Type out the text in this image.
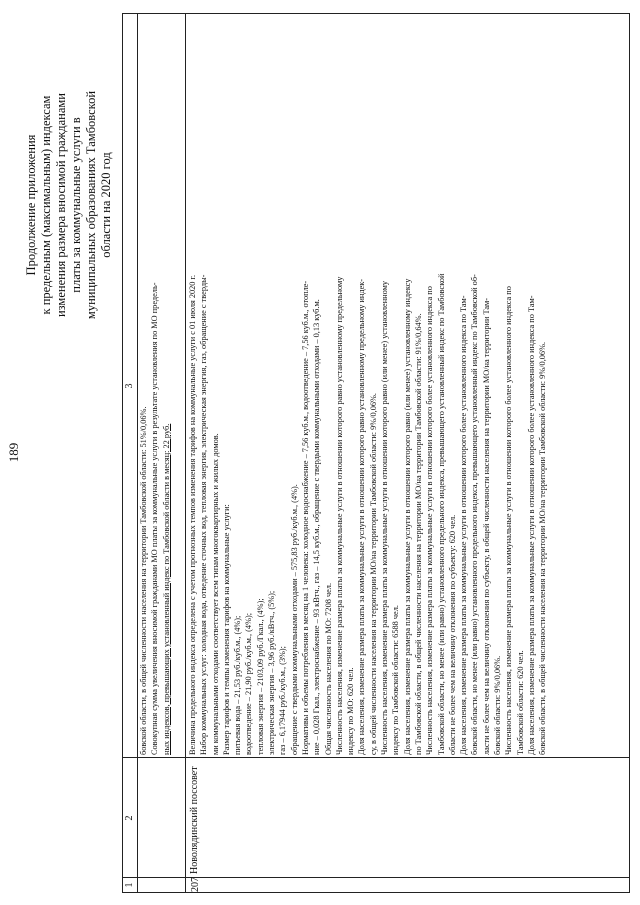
189
Продолжение приложения к предельным (максимальным) индексам изменения размера вносимой гражданами платы за коммунальные услуги в муниципальных образованиях Тамбовской области на 2020 год
1
2
3
бовской области, в общей численности населения на территории Тамбовской области: 51%/0,06%. Совокупная сумма увеличения вносимой гражданами МО платы за коммунальные услуги в результате установления по МО предель- ных индексов, превышающих установленный индекс по Тамбовской области в месяц: 22 руб.
207
Новолядинский поссовет
Величина предельного индекса определена с учетом прогнозных темпов изменения тарифов на коммунальные услуги с 01 июля 2020 г. Набор коммунальных услуг: холодная вода, отведение сточных вод, тепловая энергия, электрическая энергия, газ, обращение с тверды- ми коммунальными отходами соответствует всем типам многоквартирных и жилых домов. Размер тарифов и темпы изменения тарифов на коммунальные услуги: питьевая вода – 21,53 руб./куб.м., (4%); водоотведение – 21,90 руб./куб.м., (4%); тепловая энергия – 2103,09 руб./Гкал., (4%); электрическая энергия – 3,96 руб./кВтч., (5%); газ – 6,17944 руб./куб.м., (3%); обращение с твердыми коммунальными отходами – 575,83 руб./куб.м., (4%). Нормативы и объемы потребления в месяц на 1 человека: холодное водоснабжение – 7,56 куб.м., водоотведение – 7,56 куб.м., отопле- ние – 0,028 Гкал., электроснабжение – 93 кВтч., газ – 14,5 куб.м., обращение с твердыми коммунальными отходами – 0,13 куб.м. Общая численность населения по МО: 7208 чел. Численность населения, изменение размера платы за коммунальные услуги в отношении которого равно установленному предельному индексу по МО: 620 чел. Доля населения, изменение размера платы за коммунальные услуги в отношении которого равно установленному предельному индек- су, в общей численности населения на территории МО/на территории Тамбовской области: 9%/0,06%. Численность населения, изменение размера платы за коммунальные услуги в отношении которого равно (или менее) установленному индексу по Тамбовской области: 6588 чел. Доля населения, изменение размера платы за коммунальные услуги в отношении которого равно (или менее) установленному индексу по Тамбовской области, в общей численности населения на территории МО/на территории Тамбовской области: 91%/0,64%. Численность населения, изменение размера платы за коммунальные услуги в отношении которого более установленного индекса по Тамбовской области, но менее (или равно) установленного предельного индекса, превышающего установленный индекс по Тамбовской области не более чем на величину отклонения по субъекту: 620 чел. Доля населения, изменение размера платы за коммунальные услуги в отношении которого более установленного индекса по Там- бовской области, но менее (или равно) установленного предельного индекса, превышающего установленный индекс по Тамбовской об- ласти не более чем на величину отклонения по субъекту, в общей численности населения на территории МО/на территории Там- бовской области: 9%/0,06%. Численность населения, изменение размера платы за коммунальные услуги в отношении которого более установленного индекса по Тамбовской области: 620 чел. Доля населения, изменение размера платы за коммунальные услуги в отношении которого более установленного индекса по Там- бовской области, в общей численности населения на территории МО/на территории Тамбовской области: 9%/0,06%.
